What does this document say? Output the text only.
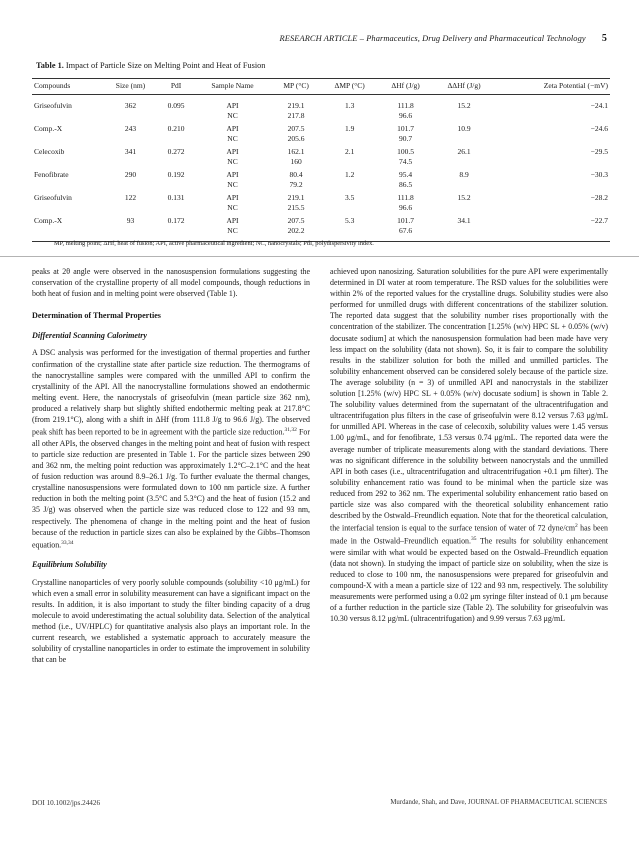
RESEARCH ARTICLE – Pharmaceutics, Drug Delivery and Pharmaceutical Technology 5
Table 1. Impact of Particle Size on Melting Point and Heat of Fusion
Compounds	Size (nm)	PdI	Sample Name	MP (°C)	ΔMP (°C)	ΔHf (J/g)	ΔΔHf (J/g)	Zeta Potential (−mV)
Griseofulvin	362	0.095	API	219.1	1.3	111.8	15.2	−24.1
			NC	217.8		96.6		
Comp.-X	243	0.210	API	207.5	1.9	101.7	10.9	−24.6
			NC	205.6		90.7		
Celecoxib	341	0.272	API	162.1	2.1	100.5	26.1	−29.5
			NC	160		74.5		
Fenofibrate	290	0.192	API	80.4	1.2	95.4	8.9	−30.3
			NC	79.2		86.5		
Griseofulvin	122	0.131	API	219.1	3.5	111.8	15.2	−28.2
			NC	215.5		96.6		
Comp.-X	93	0.172	API	207.5	5.3	101.7	34.1	−22.7
			NC	202.2		67.6		
MP, melting point; ΔHf, heat of fusion; API, active pharmaceutical ingredient; NC, nanocrystals; PdI, polydispersivity index.

peaks at 2θ angle were observed in the nanosuspension formulations suggesting the conservation of the crystalline property of all model compounds, though reductions in both heat of fusion and in melting point were observed (Table 1).

Determination of Thermal Properties

Differential Scanning Calorimetry

A DSC analysis was performed for the investigation of thermal properties and further confirmation of the crystalline state after particle size reduction. The thermograms of the nanocrystalline samples were compared with the unmilled API to confirm the crystallinity of the API. All the nanocrystalline formulations showed an endothermic melting event. Here, the nanocrystals of griseofulvin (mean particle size 362 nm), produced a relatively sharp but slightly shifted endothermic melting peak at 217.8°C (from 219.1°C), along with a shift in ΔHf (from 111.8 J/g to 96.6 J/g). The observed peak shift has been reported to be in agreement with the particle size reduction.$^{31,32}$ For all other APIs, the observed changes in the melting point and heat of fusion with respect to particle size reduction are presented in Table 1. For the particle sizes between 290 and 362 nm, the melting point reduction was approximately 1.2°C–2.1°C and the heat of fusion reduction was around 8.9–26.1 J/g. To further evaluate the thermal changes, crystalline nanosuspensions were formulated down to 100 nm particle size. A further reduction in both the melting point (3.5°C and 5.3°C) and the heat of fusion (15.2 and 35 J/g) was observed when the particle size was reduced close to 122 and 93 nm, respectively. The phenomena of change in the melting point and the heat of fusion because of the reduction in particle sizes can also be explained by the Gibbs–Thomson equation.$^{33,34}$

Equilibrium Solubility

Crystalline nanoparticles of very poorly soluble compounds (solubility <10 μg/mL) for which even a small error in solubility measurement can have a significant impact on the results. In addition, it is also important to study the filter binding capacity of a drug molecule to avoid underestimating the actual solubility data. Selection of the analytical method (i.e., UV/HPLC) for quantitative analysis also plays an important role. In the current research, we established a systematic approach to accurately measure the solubility of crystalline nanoparticles in order to estimate the improvement in solubility that can be

achieved upon nanosizing. Saturation solubilities for the pure API were experimentally determined in DI water at room temperature. The RSD values for the solubilities were within 2% of the reported values for the crystalline drugs. Solubility studies were also performed for unmilled drugs with different concentrations of the stabilizer solution. The reported data suggest that the solubility number rises proportionally with the concentration of the stabilizer. The concentration [1.25% (w/v) HPC SL + 0.05% (w/v) docusate sodium] at which the nanosuspension formulation had been made have very less impact on the solubility (data not shown). So, it is fair to compare the solubility results in the stabilizer solution for both the milled and unmilled particles. The solubility enhancement observed can be considered solely because of the particle size. The average solubility (n = 3) of unmilled API and nanocrystals in the stabilizer solution [1.25% (w/v) HPC SL + 0.05% (w/v) docusate sodium] is shown in Table 2. The solubility values determined from the supernatant of the ultracentrifugation and ultracentrifugation plus filters in the case of griseofulvin were 8.12 versus 7.63 μg/mL for unmilled API. Whereas in the case of celecoxib, solubility values were 1.45 versus 1.00 μg/mL, and for fenofibrate, 1.53 versus 0.74 μg/mL. The reported data were the average number of triplicate measurements along with the standard deviations. There was no significant difference in the solubility between nanocrystals and the unmilled API in both cases (i.e., ultracentrifugation and ultracentrifugation +0.1 μm filter). The solubility enhancement ratio was found to be minimal when the particle size was reduced from 292 to 362 nm. The experimental solubility enhancement ratio based on particle size was also compared with the theoretical solubility enhancement ratio described by the Ostwald–Freundlich equation. Note that for the theoretical calculation, the interfacial tension is equal to the surface tension of water of 72 dyne/$cm^2$ has been made in the Ostwald–Freundlich equation.$^{35}$ The results for solubility enhancement were similar with what would be expected based on the Ostwald–Freundlich equation (data not shown). In studying the impact of particle size on solubility, when the size is reduced to close to 100 nm, the nanosuspensions were prepared for griseofulvin and compound-X with a mean a particle size of 122 and 93 nm, respectively. The solubility measurements were performed using a 0.02 μm syringe filter instead of 0.1 μm because of a further reduction in the particle size (Table 2). The solubility for griseofulvin was 10.30 versus 8.12 μg/mL (ultracentrifugation) and 9.99 versus 7.63 μg/mL

DOI 10.1002/jps.24426	Murdande, Shah, and Dave, JOURNAL OF PHARMACEUTICAL SCIENCES
